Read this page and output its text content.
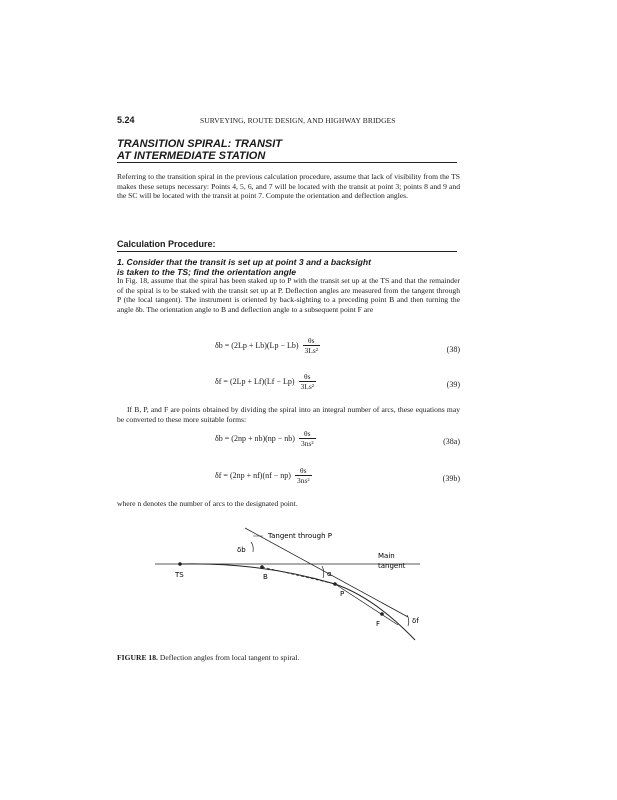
5.24	SURVEYING, ROUTE DESIGN, AND HIGHWAY BRIDGES
TRANSITION SPIRAL: TRANSIT
AT INTERMEDIATE STATION
Referring to the transition spiral in the previous calculation procedure, assume that lack of visibility from the TS makes these setups necessary: Points 4, 5, 6, and 7 will be located with the transit at point 3; points 8 and 9 and the SC will be located with the transit at point 7. Compute the orientation and deflection angles.
Calculation Procedure:
1. Consider that the transit is set up at point 3 and a backsight
is taken to the TS; find the orientation angle
In Fig. 18, assume that the spiral has been staked up to P with the transit set up at the TS and that the remainder of the spiral is to be staked with the transit set up at P. Deflection angles are measured from the tangent through P (the local tangent). The instrument is oriented by back-sighting to a preceding point B and then turning the angle δb. The orientation angle to B and deflection angle to a subsequent point F are
$\delta b = (2Lp + Lb)(Lp - Lb) \frac{\theta s}{\text{3Ls²}}$	(38)
$\delta f = (2Lp + Lf)(Lf - Lp) \frac{\theta s}{\text{3Ls²}}$	(39)
If B, P, and F are points obtained by dividing the spiral into an integral number of arcs, these equations may be converted to these more suitable forms:
$\delta b = (2np + nb)(np - nb) \frac{\theta s}{\text{3ns²}}$	(38a)
$\delta f = (2np + nf)(nf - np) \frac{\theta s}{\text{3ns²}}$	(39b)
where n denotes the number of arcs to the designated point.
Tangent through P
Main
tangent
TS	B
P
F
δb
α
δf
FIGURE 18. Deflection angles from local tangent to spiral.
